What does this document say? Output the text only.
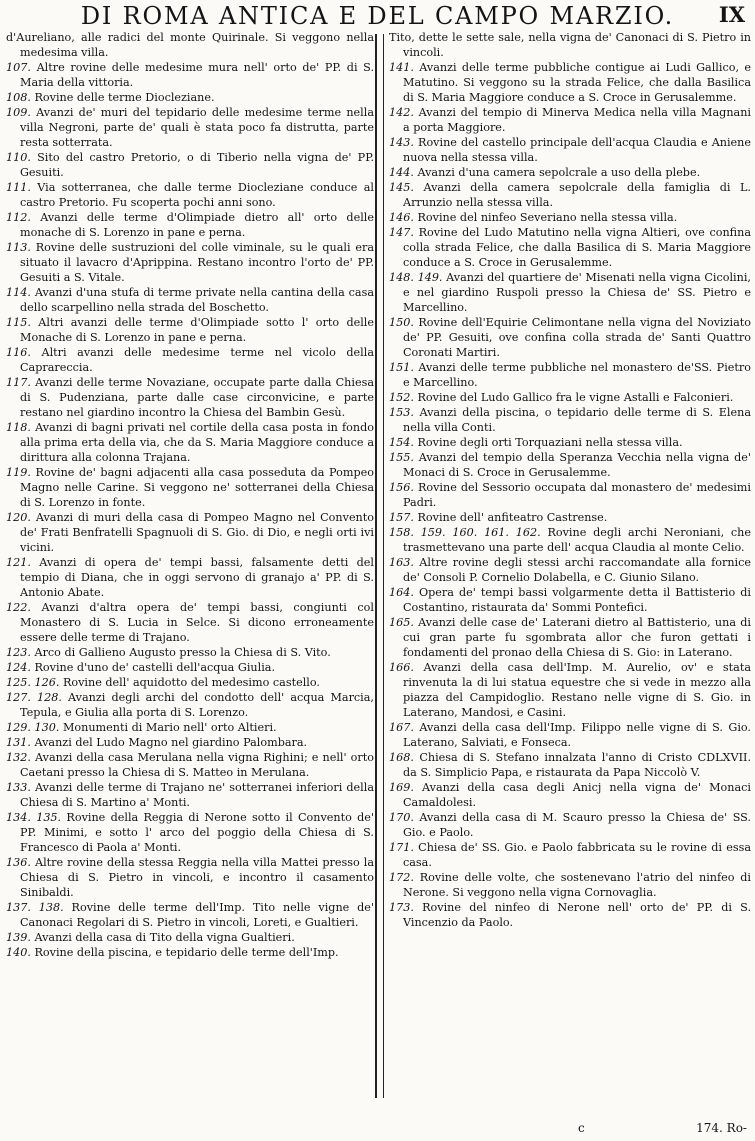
DI ROMA ANTICA E DEL CAMPO MARZIO.	IX

d'Aureliano, alle radici del monte Quirinale. Si veggono nella medesima villa.

107. Altre rovine delle medesime mura nell' orto de' PP. di S. Maria della vittoria.

108. Rovine delle terme Diocleziane.

109. Avanzi de' muri del tepidario delle medesime terme nella villa Negroni, parte de' quali è stata poco fa distrutta, parte resta sotterrata.

110. Sito del castro Pretorio, o di Tiberio nella vigna de' PP. Gesuiti.

111. Via sotterranea, che dalle terme Diocleziane conduce al castro Pretorio. Fu scoperta pochi anni sono.

112. Avanzi delle terme d'Olimpiade dietro all' orto delle monache di S. Lorenzo in pane e perna.

113. Rovine delle sustruzioni del colle viminale, su le quali era situato il lavacro d'Aprippina. Restano incontro l'orto de' PP. Gesuiti a S. Vitale.

114. Avanzi d'una stufa di terme private nella cantina della casa dello scarpellino nella strada del Boschetto.

115. Altri avanzi delle terme d'Olimpiade sotto l' orto delle Monache di S. Lorenzo in pane e perna.

116. Altri avanzi delle medesime terme nel vicolo della Caprareccia.

117. Avanzi delle terme Novaziane, occupate parte dalla Chiesa di S. Pudenziana, parte dalle case circonvicine, e parte restano nel giardino incontro la Chiesa del Bambin Gesù.

118. Avanzi di bagni privati nel cortile della casa posta in fondo alla prima erta della via, che da S. Maria Maggiore conduce a dirittura alla colonna Trajana.

119. Rovine de' bagni adjacenti alla casa posseduta da Pompeo Magno nelle Carine. Si veggono ne' sotterranei della Chiesa di S. Lorenzo in fonte.

120. Avanzi di muri della casa di Pompeo Magno nel Convento de' Frati Benfratelli Spagnuoli di S. Gio. di Dio, e negli orti ivi vicini.

121. Avanzi di opera de' tempi bassi, falsamente detti del tempio di Diana, che in oggi servono di granajo a' PP. di S. Antonio Abate.

122. Avanzi d'altra opera de' tempi bassi, congiunti col Monastero di S. Lucia in Selce. Si dicono erroneamente essere delle terme di Trajano.

123. Arco di Gallieno Augusto presso la Chiesa di S. Vito.

124. Rovine d'uno de' castelli dell'acqua Giulia.

125. 126. Rovine dell' aquidotto del medesimo castello.

127. 128. Avanzi degli archi del condotto dell' acqua Marcia, Tepula, e Giulia alla porta di S. Lorenzo.

129. 130. Monumenti di Mario nell' orto Altieri.

131. Avanzi del Ludo Magno nel giardino Palombara.

132. Avanzi della casa Merulana nella vigna Righini; e nell' orto Caetani presso la Chiesa di S. Matteo in Merulana.

133. Avanzi delle terme di Trajano ne' sotterranei inferiori della Chiesa di S. Martino a' Monti.

134. 135. Rovine della Reggia di Nerone sotto il Convento de' PP. Minimi, e sotto l' arco del poggio della Chiesa di S. Francesco di Paola a' Monti.

136. Altre rovine della stessa Reggia nella villa Mattei presso la Chiesa di S. Pietro in vincoli, e incontro il casamento Sinibaldi.

137. 138. Rovine delle terme dell'Imp. Tito nelle vigne de' Canonaci Regolari di S. Pietro in vincoli, Loreti, e Gualtieri.

139. Avanzi della casa di Tito della vigna Gualtieri.

140. Rovine della piscina, e tepidario delle terme dell'Imp.

Tito, dette le sette sale, nella vigna de' Canonaci di S. Pietro in vincoli.

141. Avanzi delle terme pubbliche contigue ai Ludi Gallico, e Matutino. Si veggono su la strada Felice, che dalla Basilica di S. Maria Maggiore conduce a S. Croce in Gerusalemme.

142. Avanzi del tempio di Minerva Medica nella villa Magnani a porta Maggiore.

143. Rovine del castello principale dell'acqua Claudia e Aniene nuova nella stessa villa.

144. Avanzi d'una camera sepolcrale a uso della plebe.

145. Avanzi della camera sepolcrale della famiglia di L. Arrunzio nella stessa villa.

146. Rovine del ninfeo Severiano nella stessa villa.

147. Rovine del Ludo Matutino nella vigna Altieri, ove confina colla strada Felice, che dalla Basilica di S. Maria Maggiore conduce a S. Croce in Gerusalemme.

148. 149. Avanzi del quartiere de' Misenati nella vigna Cicolini, e nel giardino Ruspoli presso la Chiesa de' SS. Pietro e Marcellino.

150. Rovine dell'Equirie Celimontane nella vigna del Noviziato de' PP. Gesuiti, ove confina colla strada de' Santi Quattro Coronati Martiri.

151. Avanzi delle terme pubbliche nel monastero de'SS. Pietro e Marcellino.

152. Rovine del Ludo Gallico fra le vigne Astalli e Falconieri.

153. Avanzi della piscina, o tepidario delle terme di S. Elena nella villa Conti.

154. Rovine degli orti Torquaziani nella stessa villa.

155. Avanzi del tempio della Speranza Vecchia nella vigna de' Monaci di S. Croce in Gerusalemme.

156. Rovine del Sessorio occupata dal monastero de' medesimi Padri.

157. Rovine dell' anfiteatro Castrense.

158. 159. 160. 161. 162. Rovine degli archi Neroniani, che trasmettevano una parte dell' acqua Claudia al monte Celio.

163. Altre rovine degli stessi archi raccomandate alla fornice de' Consoli P. Cornelio Dolabella, e C. Giunio Silano.

164. Opera de' tempi bassi volgarmente detta il Battisterio di Costantino, ristaurata da' Sommi Pontefici.

165. Avanzi delle case de' Laterani dietro al Battisterio, una di cui gran parte fu sgombrata allor che furon gettati i fondamenti del pronao della Chiesa di S. Gio: in Laterano.

166. Avanzi della casa dell'Imp. M. Aurelio, ov' e stata rinvenuta la di lui statua equestre che si vede in mezzo alla piazza del Campidoglio. Restano nelle vigne di S. Gio. in Laterano, Mandosi, e Casini.

167. Avanzi della casa dell'Imp. Filippo nelle vigne di S. Gio. Laterano, Salviati, e Fonseca.

168. Chiesa di S. Stefano innalzata l'anno di Cristo CDLXVII. da S. Simplicio Papa, e ristaurata da Papa Niccolò V.

169. Avanzi della casa degli Anicj nella vigna de' Monaci Camaldolesi.

170. Avanzi della casa di M. Scauro presso la Chiesa de' SS. Gio. e Paolo.

171. Chiesa de' SS. Gio. e Paolo fabbricata su le rovine di essa casa.

172. Rovine delle volte, che sostenevano l'atrio del ninfeo di Nerone. Si veggono nella vigna Cornovaglia.

173. Rovine del ninfeo di Nerone nell' orto de' PP. di S. Vincenzio da Paolo.

c	174. Ro-
